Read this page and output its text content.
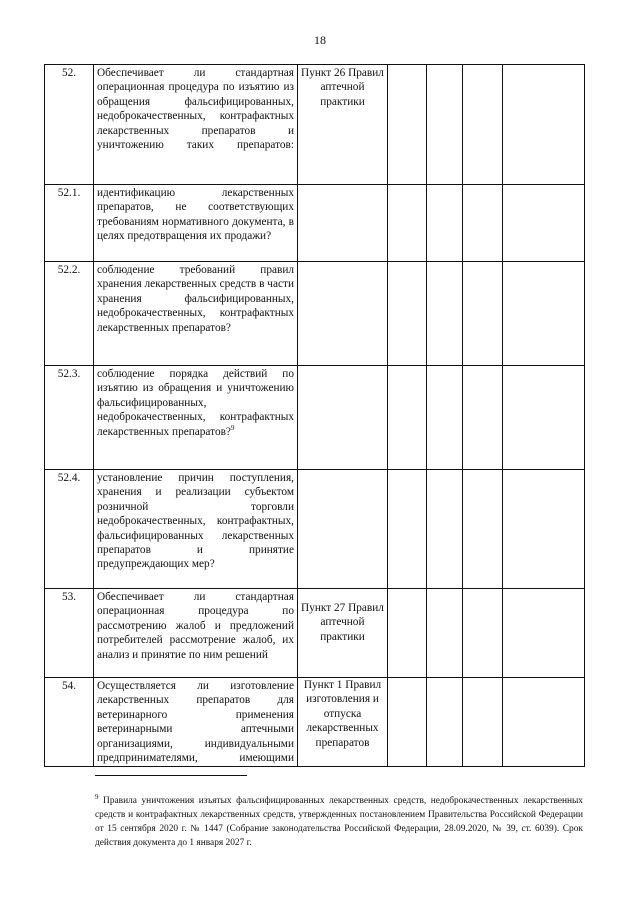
18
52.	Обеспечивает ли стандартная операционная процедура по изъятию из обращения фальсифицированных, недоброкачественных, контрафактных лекарственных препаратов и уничтожению таких препаратов:	Пункт 26 Правил аптечной практики				
52.1.	идентификацию лекарственных препаратов, не соответствующих требованиям нормативного документа, в целях предотвращения их продажи?					
52.2.	соблюдение требований правил хранения лекарственных средств в части хранения фальсифицированных, недоброкачественных, контрафактных лекарственных препаратов?					
52.3.	соблюдение порядка действий по изъятию из обращения и уничтожению фальсифицированных, недоброкачественных, контрафактных лекарственных препаратов?$^9$					
52.4.	установление причин поступления, хранения и реализации субъектом розничной торговли недоброкачественных, контрафактных, фальсифицированных лекарственных препаратов и принятие предупреждающих мер?					
53.	Обеспечивает ли стандартная операционная процедура по рассмотрению жалоб и предложений потребителей рассмотрение жалоб, их анализ и принятие по ним решений	Пункт 27 Правил аптечной практики				
54.	Осуществляется ли изготовление лекарственных препаратов для ветеринарного применения ветеринарными аптечными организациями, индивидуальными предпринимателями, имеющими	Пункт 1 Правил изготовления и отпуска лекарственных препаратов				
$^9$ Правила уничтожения изъятых фальсифицированных лекарственных средств, недоброкачественных лекарственных средств и контрафактных лекарственных средств, утвержденных постановлением Правительства Российской Федерации от 15 сентября 2020 г. № 1447 (Собрание законодательства Российской Федерации, 28.09.2020, № 39, ст. 6039). Срок действия документа до 1 января 2027 г.
